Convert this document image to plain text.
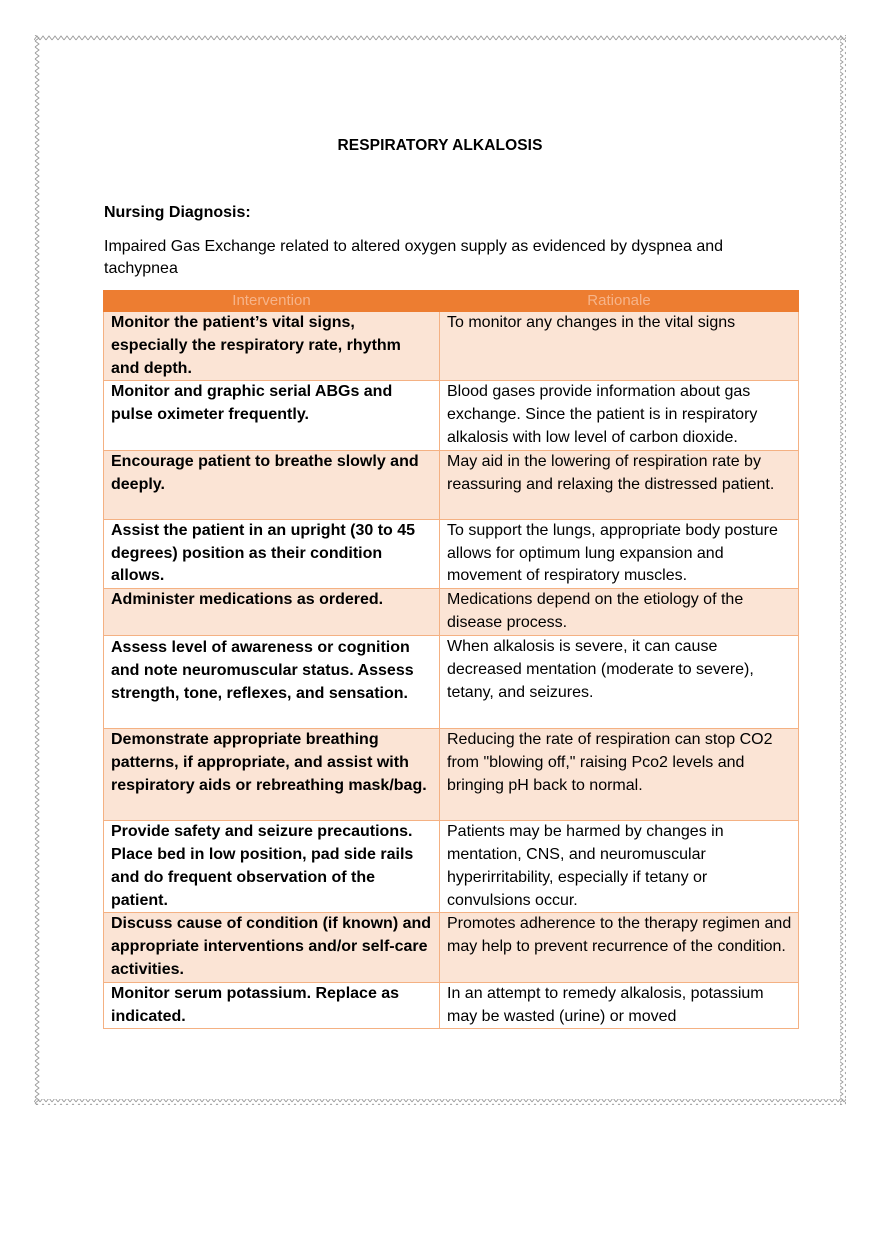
RESPIRATORY ALKALOSIS
Nursing Diagnosis:
Impaired Gas Exchange related to altered oxygen supply as evidenced by dyspnea and tachypnea
Intervention	Rationale
Monitor the patient’s vital signs, especially the respiratory rate, rhythm and depth.	To monitor any changes in the vital signs
Monitor and graphic serial ABGs and pulse oximeter frequently.	Blood gases provide information about gas exchange. Since the patient is in respiratory alkalosis with low level of carbon dioxide.
Encourage patient to breathe slowly and deeply.	May aid in the lowering of respiration rate by reassuring and relaxing the distressed patient.
Assist the patient in an upright (30 to 45 degrees) position as their condition allows.	To support the lungs, appropriate body posture allows for optimum lung expansion and movement of respiratory muscles.
Administer medications as ordered.	Medications depend on the etiology of the disease process.
Assess level of awareness or cognition and note neuromuscular status. Assess strength, tone, reflexes, and sensation.	When alkalosis is severe, it can cause decreased mentation (moderate to severe), tetany, and seizures.
Demonstrate appropriate breathing patterns, if appropriate, and assist with respiratory aids or rebreathing mask/bag.	Reducing the rate of respiration can stop CO2 from "blowing off," raising Pco2 levels and bringing pH back to normal.
Provide safety and seizure precautions. Place bed in low position, pad side rails and do frequent observation of the patient.	Patients may be harmed by changes in mentation, CNS, and neuromuscular hyperirritability, especially if tetany or convulsions occur.
Discuss cause of condition (if known) and appropriate interventions and/or self-care activities.	Promotes adherence to the therapy regimen and may help to prevent recurrence of the condition.
Monitor serum potassium. Replace as indicated.	In an attempt to remedy alkalosis, potassium may be wasted (urine) or moved
